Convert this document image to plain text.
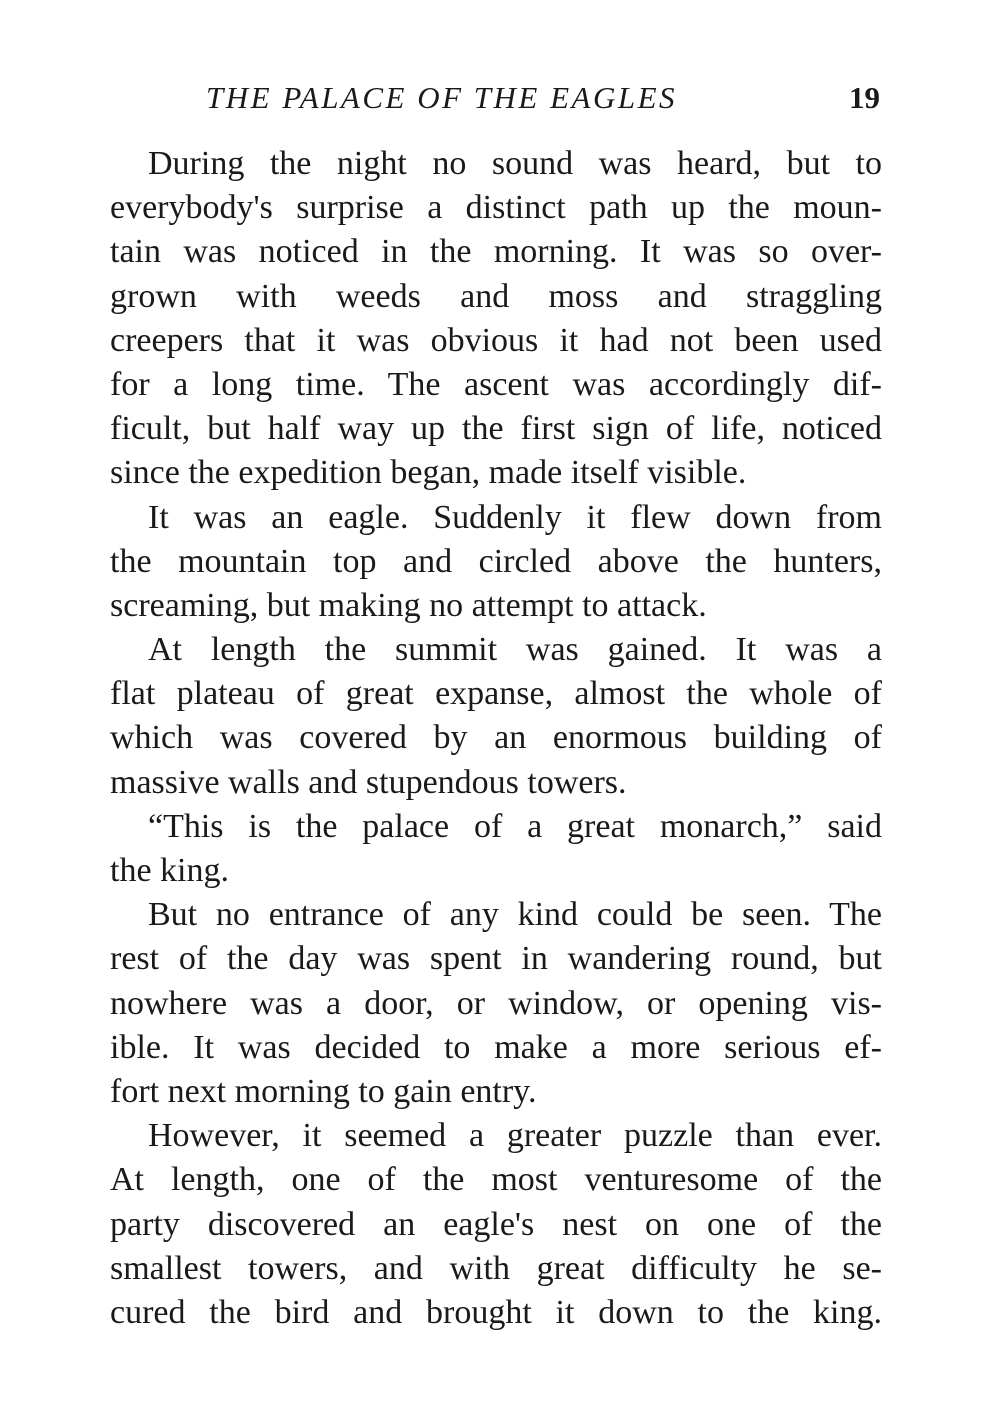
THE PALACE OF THE EAGLES	19

During the night no sound was heard, but to
everybody's surprise a distinct path up the moun-
tain was noticed in the morning. It was so over-
grown with weeds and moss and straggling
creepers that it was obvious it had not been used
for a long time. The ascent was accordingly dif-
ficult, but half way up the first sign of life, noticed
since the expedition began, made itself visible.

It was an eagle. Suddenly it flew down from
the mountain top and circled above the hunters,
screaming, but making no attempt to attack.

At length the summit was gained. It was a
flat plateau of great expanse, almost the whole of
which was covered by an enormous building of
massive walls and stupendous towers.

“This is the palace of a great monarch,” said
the king.

But no entrance of any kind could be seen. The
rest of the day was spent in wandering round, but
nowhere was a door, or window, or opening vis-
ible. It was decided to make a more serious ef-
fort next morning to gain entry.

However, it seemed a greater puzzle than ever.
At length, one of the most venturesome of the
party discovered an eagle's nest on one of the
smallest towers, and with great difficulty he se-
cured the bird and brought it down to the king.
